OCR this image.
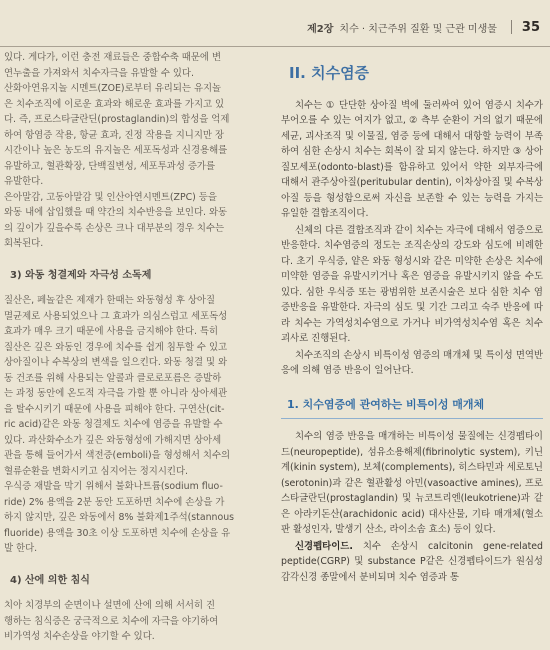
제2장 치수 · 치근주위 질환 및 근관 미생물 35

있다. 게다가, 이런 충전 재료들은 중합수축 때문에 변
연누출을 가져와서 치수자극을 유발할 수 있다.
산화아연유지놀 시멘트(ZOE)로부터 유리되는 유지놀
은 치수조직에 이로운 효과와 해로운 효과를 가지고 있
다. 즉, 프로스타글란딘(prostaglandin)의 합성을 억제
하여 항염증 작용, 항균 효과, 진정 작용을 지니지만 장
시간이나 높은 농도의 유지놀은 세포독성과 신경용해를
유발하고, 혈관확장, 단백질변성, 세포투과성 증가를
유발한다.
은아말감, 고동아말감 및 인산아연시멘트(ZPC) 등을
와동 내에 삽입했을 때 약간의 치수반응을 보인다. 와동
의 깊이가 깊을수록 손상은 크나 대부분의 경우 치수는
회복된다.

3) 와동 청결제와 자극성 소독제

질산은, 페놀같은 제재가 한때는 와동형성 후 상아질
멸균제로 사용되었으나 그 효과가 의심스럽고 세포독성
효과가 매우 크기 때문에 사용을 금지해야 한다. 특히
질산은 깊은 와동인 경우에 치수를 쉽게 침투할 수 있고
상아질이나 수복상의 변색을 일으킨다. 와동 청결 및 와
동 건조를 위해 사용되는 알콜과 클로로포름은 증발하
는 과정 동안에 온도적 자극을 가할 뿐 아니라 상아세관
을 탈수시키기 때문에 사용을 피해야 한다. 구연산(cit-
ric acid)같은 와동 청결제도 치수에 염증을 유발할 수
있다. 과산화수소가 깊은 와동형성에 가해지면 상아세
관을 통해 들어가서 색전증(emboli)을 형성해서 치수의
혈류순환을 변화시키고 심지어는 정지시킨다.
우식증 재발을 막기 위해서 불화나트륨(sodium fluo-
ride) 2% 용액을 2분 동안 도포하면 치수에 손상을 가
하지 않지만, 깊은 와동에서 8% 불화제1주석(stannous
fluoride) 용액을 30초 이상 도포하면 치수에 손상을 유
발 한다.

4) 산에 의한 침식

치아 치경부의 순면이나 설면에 산에 의해 서서히 진
행하는 침식증은 궁극적으로 치수에 자극을 야기하여
비가역성 치수손상을 야기할 수 있다.

II. 치수염증

치수는 ① 단단한 상아질 벽에 둘러싸여 있어 염증시 치수가 부어오를 수 있는 여지가 없고, ② 측부 순환이 거의 없기 때문에 세균, 괴사조직 및 이물질, 염증 등에 대해서 대항할 능력이 부족하여 심한 손상시 치수는 회복이 잘 되지 않는다. 하지만 ③ 상아질모세포(odonto-blast)를 함유하고 있어서 약한 외부자극에 대해서 관주상아질(peritubular dentin), 이차상아질 및 수복상아질 등을 형성함으로써 자신을 보존할 수 있는 능력을 가지는 유일한 결합조직이다.

신체의 다른 결합조직과 같이 치수는 자극에 대해서 염증으로 반응한다. 치수염증의 정도는 조직손상의 강도와 심도에 비례한다. 초기 우식증, 얕은 와동 형성시와 같은 미약한 손상은 치수에 미약한 염증을 유발시키거나 혹은 염증을 유발시키지 않을 수도 있다. 심한 우식증 또는 광범위한 보존시술은 보다 심한 치수 염증반응을 유발한다. 자극의 심도 및 기간 그리고 숙주 반응에 따라 치수는 가역성치수염으로 가거나 비가역성치수염 혹은 치수괴사로 진행된다.

치수조직의 손상시 비특이성 염증의 매개체 및 특이성 면역반응에 의해 염증 반응이 일어난다.

1. 치수염증에 관여하는 비특이성 매개체

치수의 염증 반응을 매개하는 비특이성 물질에는 신경펩타이드(neuropeptide), 섬유소용해제(fibrinolytic system), 키닌계(kinin system), 보체(complements), 히스타민과 세로토닌(serotonin)과 같은 혈관활성 아민(vasoactive amines), 프로스타글란딘(prostaglandin) 및 뉴코트리엔(leukotriene)과 같은 아라키돈산(arachidonic acid) 대사산물, 기타 매개체(혈소판 활성인자, 발생기 산소, 라이소솜 효소) 등이 있다.

신경펩타이드. 치수 손상시 calcitonin gene-related peptide(CGRP) 및 substance P같은 신경펩타이드가 원심성 감각신경 종말에서 분비되며 치수 염증과 통
